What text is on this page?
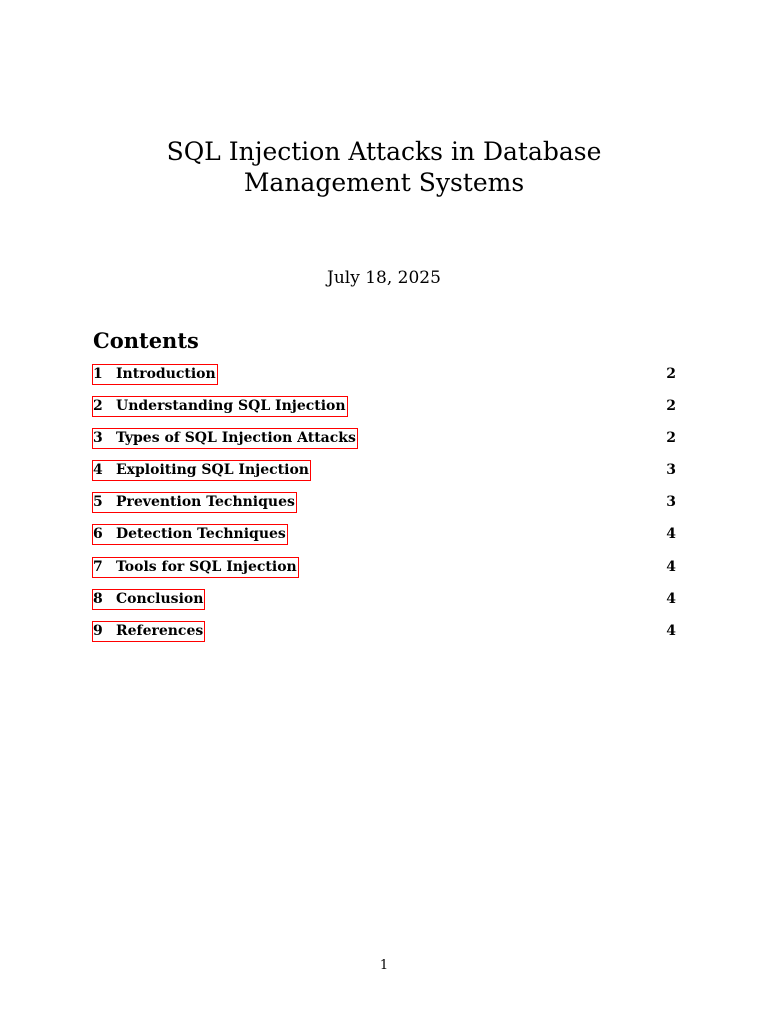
SQL Injection Attacks in Database
Management Systems
July 18, 2025
Contents
1 Introduction	2
2 Understanding SQL Injection	2
3 Types of SQL Injection Attacks	2
4 Exploiting SQL Injection	3
5 Prevention Techniques	3
6 Detection Techniques	4
7 Tools for SQL Injection	4
8 Conclusion	4
9 References	4
1
